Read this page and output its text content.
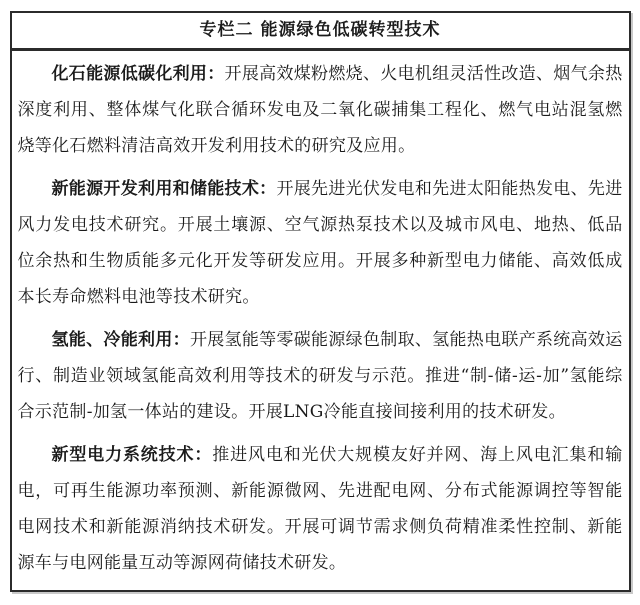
专栏二 能源绿色低碳转型技术

化石能源低碳化利用：开展高效煤粉燃烧、火电机组灵活性改造、烟气余热深度利用、整体煤气化联合循环发电及二氧化碳捕集工程化、燃气电站混氢燃烧等化石燃料清洁高效开发利用技术的研究及应用。

新能源开发利用和储能技术：开展先进光伏发电和先进太阳能热发电、先进风力发电技术研究。开展土壤源、空气源热泵技术以及城市风电、地热、低品位余热和生物质能多元化开发等研发应用。开展多种新型电力储能、高效低成本长寿命燃料电池等技术研究。

氢能、冷能利用：开展氢能等零碳能源绿色制取、氢能热电联产系统高效运行、制造业领域氢能高效利用等技术的研发与示范。推进“制-储-运-加”氢能综合示范制-加氢一体站的建设。开展LNG冷能直接间接利用的技术研发。

新型电力系统技术：推进风电和光伏大规模友好并网、海上风电汇集和输电，可再生能源功率预测、新能源微网、先进配电网、分布式能源调控等智能电网技术和新能源消纳技术研发。开展可调节需求侧负荷精准柔性控制、新能源车与电网能量互动等源网荷储技术研发。
